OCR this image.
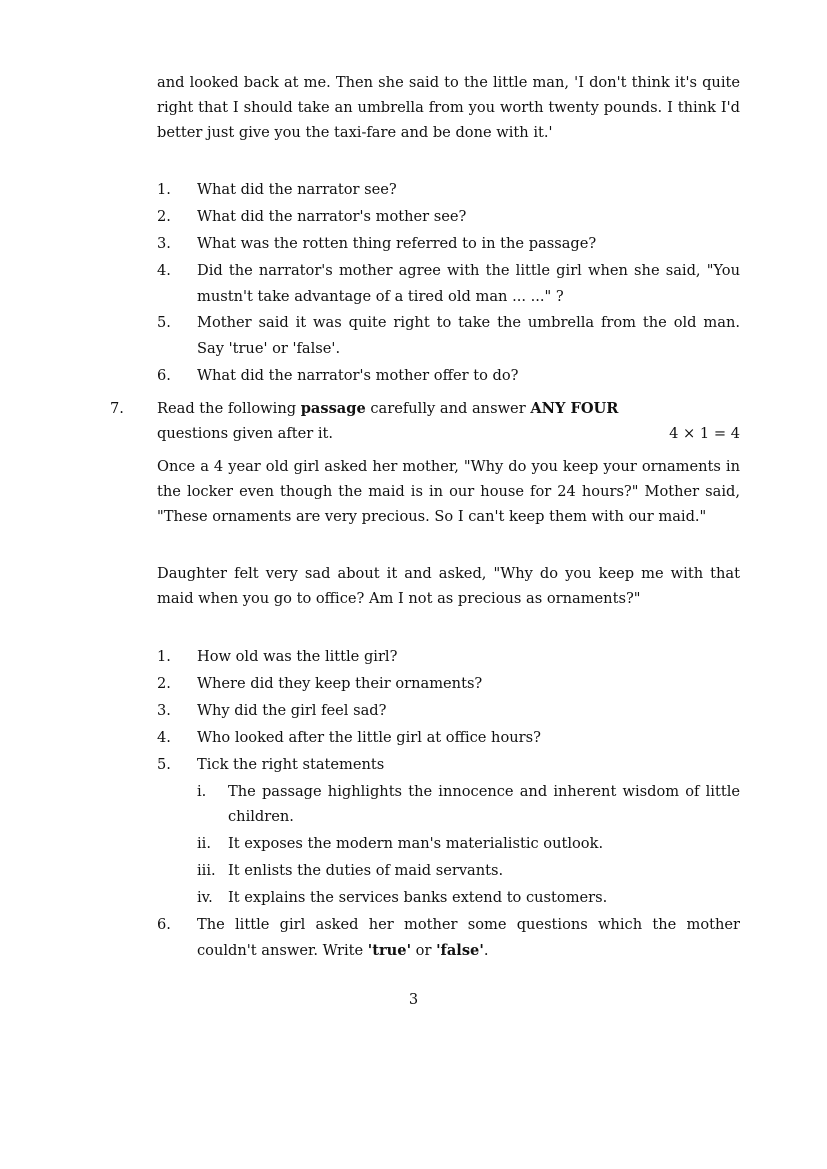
and looked back at me. Then she said to the little man, 'I don't think it's quite right that I should take an umbrella from you worth twenty pounds. I think I'd better just give you the taxi-fare and be done with it.'
1. What did the narrator see?
2. What did the narrator's mother see?
3. What was the rotten thing referred to in the passage?
4. Did the narrator's mother agree with the little girl when she said, "You mustn't take advantage of a tired old man ... ..." ?
5. Mother said it was quite right to take the umbrella from the old man. Say 'true' or 'false'.
6. What did the narrator's mother offer to do?
7. Read the following passage carefully and answer ANY FOUR
questions given after it.	4 × 1 = 4
Once a 4 year old girl asked her mother, "Why do you keep your ornaments in the locker even though the maid is in our house for 24 hours?" Mother said, "These ornaments are very precious. So I can't keep them with our maid."
Daughter felt very sad about it and asked, "Why do you keep me with that maid when you go to office? Am I not as precious as ornaments?"
1. How old was the little girl?
2. Where did they keep their ornaments?
3. Why did the girl feel sad?
4. Who looked after the little girl at office hours?
5. Tick the right statements
i. The passage highlights the innocence and inherent wisdom of little children.
ii. It exposes the modern man's materialistic outlook.
iii. It enlists the duties of maid servants.
iv. It explains the services banks extend to customers.
6. The little girl asked her mother some questions which the mother couldn't answer. Write 'true' or 'false'.
3
